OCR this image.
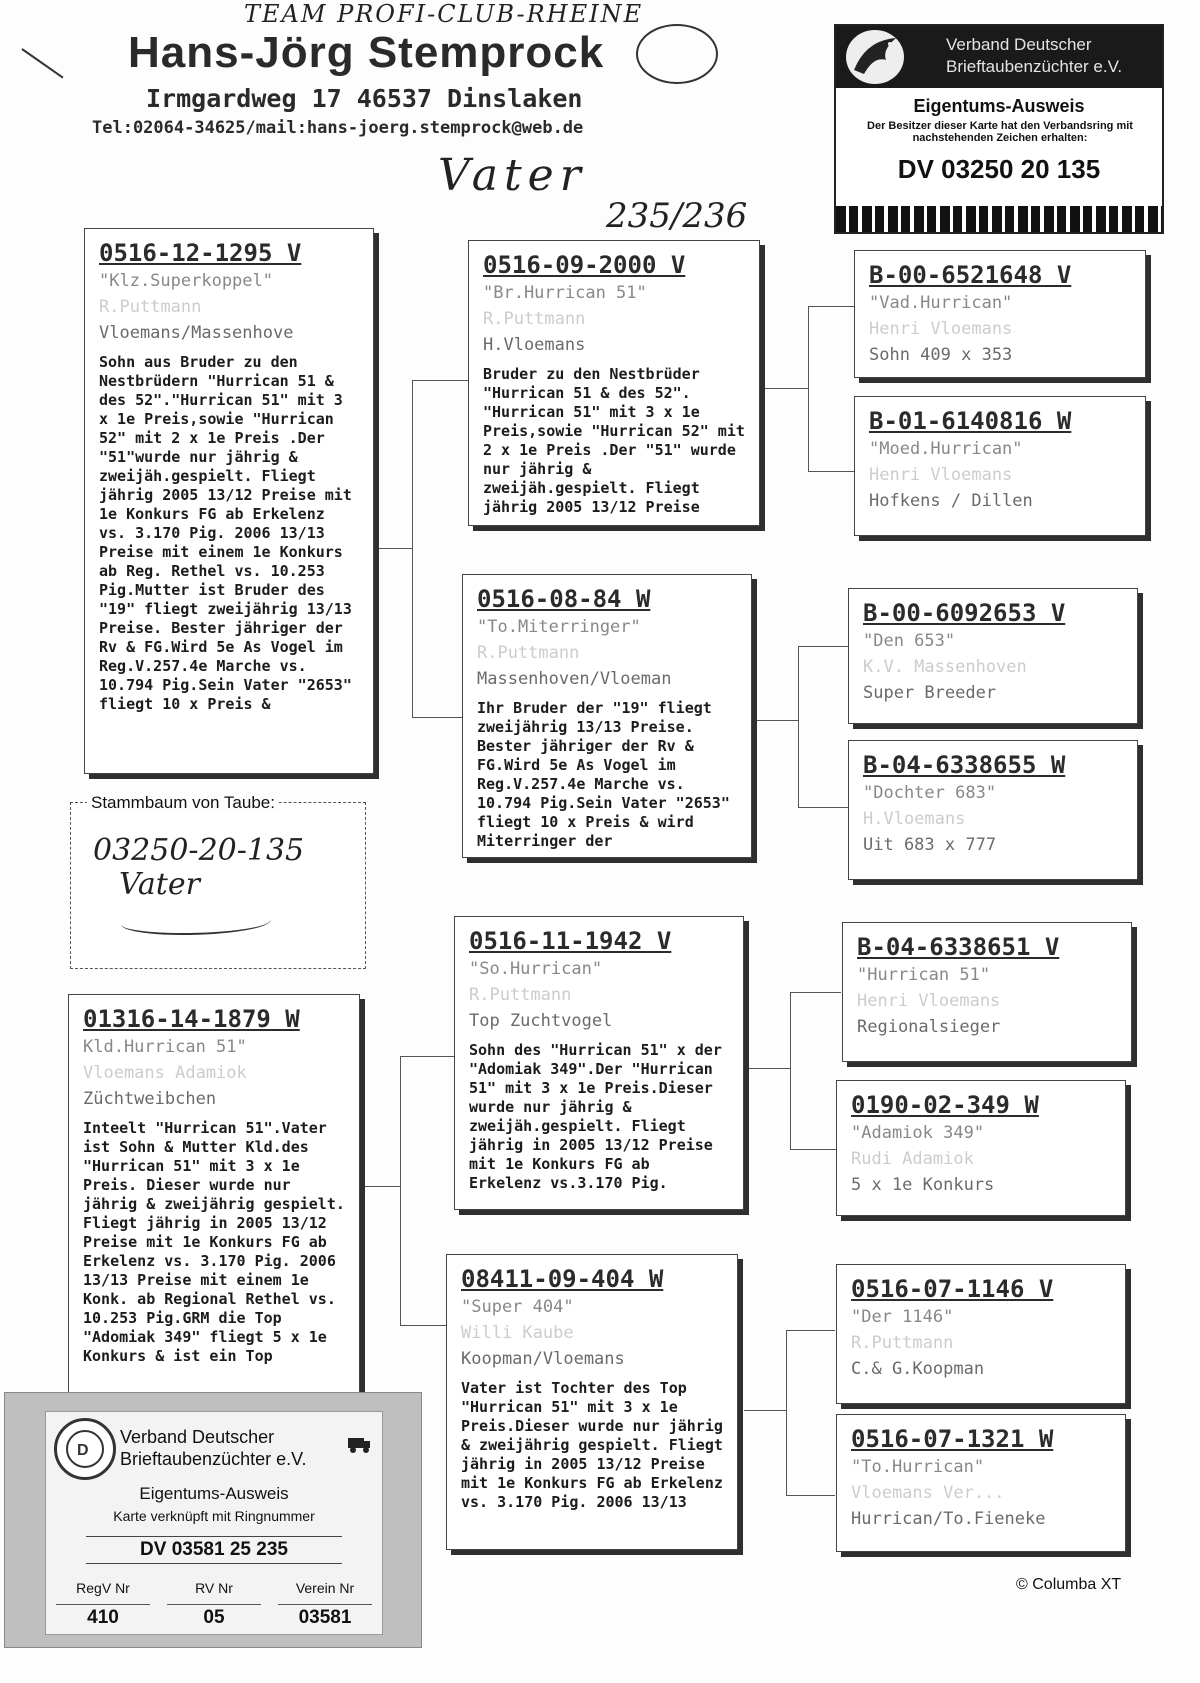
TEAM PROFI-CLUB-RHEINE
Hans-Jörg Stemprock
Irmgardweg 17 46537 Dinslaken
Tel:02064-34625/mail:hans-joerg.stemprock@web.de
Vater
235/236
Verband Deutscher
Brieftaubenzüchter e.V.
Eigentums-Ausweis
Der Besitzer dieser Karte hat den Verbandsring mit nachstehenden Zeichen erhalten:
DV 03250 20 135
0516-12-1295 V
"Klz.Superkoppel"
R.Puttmann
Vloemans/Massenhove
Sohn aus Bruder zu den Nestbrüdern "Hurrican 51 & des 52"."Hurrican 51" mit 3 x 1e Preis,sowie "Hurrican 52" mit 2 x 1e Preis .Der "51"wurde nur jährig & zweijäh.gespielt. Fliegt jährig 2005 13/12 Preise mit 1e Konkurs FG ab Erkelenz vs. 3.170 Pig. 2006 13/13 Preise mit einem 1e Konkurs ab Reg. Rethel vs. 10.253 Pig.Mutter ist Bruder des "19" fliegt zweijährig 13/13 Preise. Bester jähriger der Rv & FG.Wird 5e As Vogel im Reg.V.257.4e Marche vs. 10.794 Pig.Sein Vater "2653" fliegt 10 x Preis &
Stammbaum von Taube:
03250-20-135
Vater
01316-14-1879 W
Kld.Hurrican 51"
Vloemans Adamiok
Züchtweibchen
Inteelt "Hurrican 51".Vater ist Sohn & Mutter Kld.des "Hurrican 51" mit 3 x 1e Preis. Dieser wurde nur jährig & zweijährig gespielt. Fliegt jährig in 2005 13/12 Preise mit 1e Konkurs FG ab Erkelenz vs. 3.170 Pig. 2006 13/13 Preise mit einem 1e Konk. ab Regional Rethel vs. 10.253 Pig.GRM die Top "Adomiak 349" fliegt 5 x 1e Konkurs & ist ein Top
0516-09-2000 V
"Br.Hurrican 51"
R.Puttmann
H.Vloemans
Bruder zu den Nestbrüder "Hurrican 51 & des 52". "Hurrican 51" mit 3 x 1e Preis,sowie "Hurrican 52" mit 2 x 1e Preis .Der "51" wurde nur jährig & zweijäh.gespielt. Fliegt jährig 2005 13/12 Preise
0516-08-84 W
"To.Miterringer"
R.Puttmann
Massenhoven/Vloeman
Ihr Bruder der "19" fliegt zweijährig 13/13 Preise. Bester jähriger der Rv & FG.Wird 5e As Vogel im Reg.V.257.4e Marche vs. 10.794 Pig.Sein Vater "2653" fliegt 10 x Preis & wird Miterringer der
0516-11-1942 V
"So.Hurrican"
R.Puttmann
Top Zuchtvogel
Sohn des "Hurrican 51" x der "Adomiak 349".Der "Hurrican 51" mit 3 x 1e Preis.Dieser wurde nur jährig & zweijäh.gespielt. Fliegt jährig in 2005 13/12 Preise mit 1e Konkurs FG ab Erkelenz vs.3.170 Pig.
08411-09-404 W
"Super 404"
Willi Kaube
Koopman/Vloemans
Vater ist Tochter des Top "Hurrican 51" mit 3 x 1e Preis.Dieser wurde nur jährig & zweijährig gespielt. Fliegt jährig in 2005 13/12 Preise mit 1e Konkurs FG ab Erkelenz vs. 3.170 Pig. 2006 13/13
B-00-6521648 V
"Vad.Hurrican"
Henri Vloemans
Sohn 409 x 353
B-01-6140816 W
"Moed.Hurrican"
Henri Vloemans
Hofkens / Dillen
B-00-6092653 V
"Den 653"
K.V. Massenhoven
Super Breeder
B-04-6338655 W
"Dochter 683"
H.Vloemans
Uit 683 x 777
B-04-6338651 V
"Hurrican 51"
Henri Vloemans
Regionalsieger
0190-02-349 W
"Adamiok 349"
Rudi Adamiok
5 x 1e Konkurs
0516-07-1146 V
"Der 1146"
R.Puttmann
C.& G.Koopman
0516-07-1321 W
"To.Hurrican"
Vloemans Ver...
Hurrican/To.Fieneke
D
Verband Deutscher
Brieftaubenzüchter e.V.
Eigentums-Ausweis
Karte verknüpft mit Ringnummer
DV 03581 25 235
RegV Nr
410
RV Nr
05
Verein Nr
03581
© Columba XT
